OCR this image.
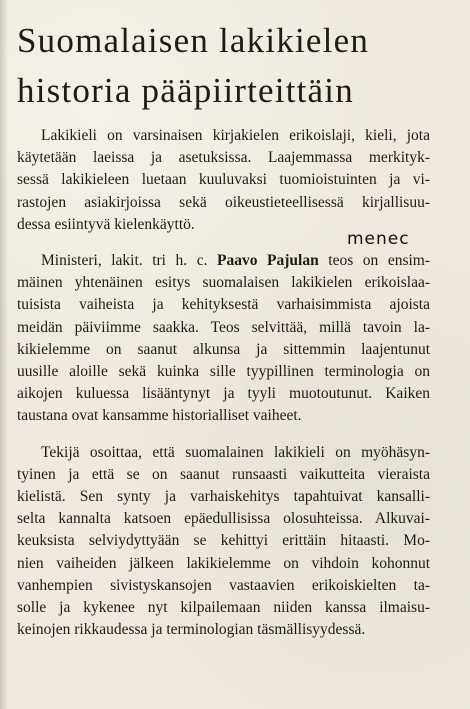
Suomalaisen lakikielen
historia pääpiirteittäin
menec
Lakikieli on varsinaisen kirjakielen erikoislaji, kieli, jota
käytetään laeissa ja asetuksissa. Laajemmassa merkityk-
sessä lakikieleen luetaan kuuluvaksi tuomioistuinten ja vi-
rastojen asiakirjoissa sekä oikeustieteellisessä kirjallisuu-
dessa esiintyvä kielenkäyttö.
Ministeri, lakit. tri h. c. Paavo Pajulan teos on ensim-
mäinen yhtenäinen esitys suomalaisen lakikielen erikoislaa-
tuisista vaiheista ja kehityksestä varhaisimmista ajoista
meidän päiviimme saakka. Teos selvittää, millä tavoin la-
kikielemme on saanut alkunsa ja sittemmin laajentunut
uusille aloille sekä kuinka sille tyypillinen terminologia on
aikojen kuluessa lisääntynyt ja tyyli muotoutunut. Kaiken
taustana ovat kansamme historialliset vaiheet.
Tekijä osoittaa, että suomalainen lakikieli on myöhäsyn-
tyinen ja että se on saanut runsaasti vaikutteita vieraista
kielistä. Sen synty ja varhaiskehitys tapahtuivat kansalli-
selta kannalta katsoen epäedullisissa olosuhteissa. Alkuvai-
keuksista selviydyttyään se kehittyi erittäin hitaasti. Mo-
nien vaiheiden jälkeen lakikielemme on vihdoin kohonnut
vanhempien sivistyskansojen vastaavien erikoiskielten ta-
solle ja kykenee nyt kilpailemaan niiden kanssa ilmaisu-
keinojen rikkaudessa ja terminologian täsmällisyydessä.
